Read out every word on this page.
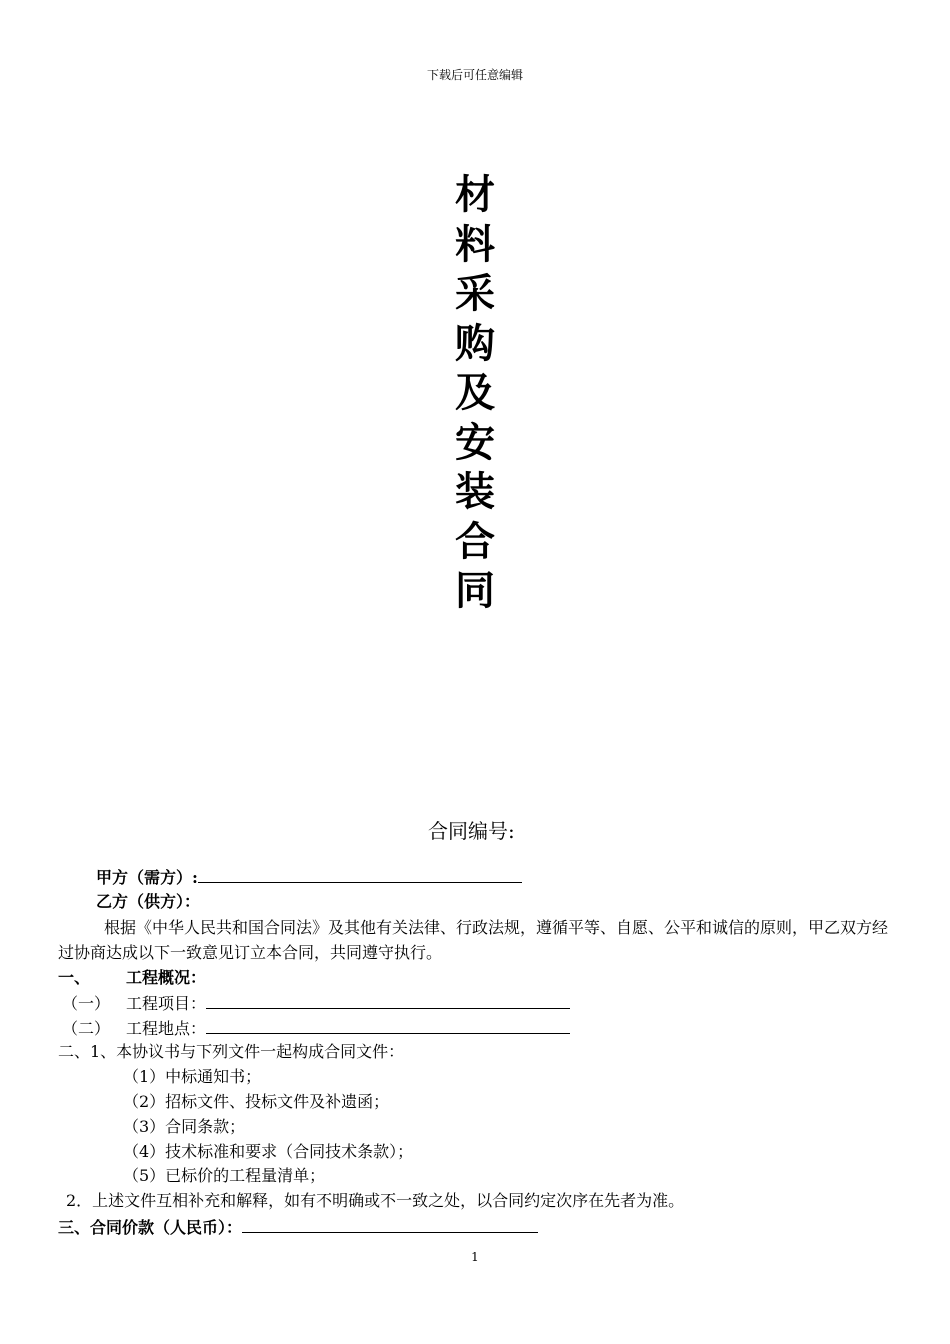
下载后可任意编辑
材
料
采
购
及
安
装
合
同
合同编号:
甲方（需方）:
乙方（供方）：
根据《中华人民共和国合同法》及其他有关法律、行政法规，遵循平等、自愿、公平和诚信的原则，甲乙双方经过协商达成以下一致意见订立本合同，共同遵守执行。
一、 工程概况：
（一） 工程项目：
（二） 工程地点：
二、1、本协议书与下列文件一起构成合同文件：
（1）中标通知书；
（2）招标文件、投标文件及补遗函；
（3）合同条款；
（4）技术标准和要求（合同技术条款）；
（5）已标价的工程量清单；
2．上述文件互相补充和解释，如有不明确或不一致之处，以合同约定次序在先者为准。
三、合同价款（人民币）：
1
